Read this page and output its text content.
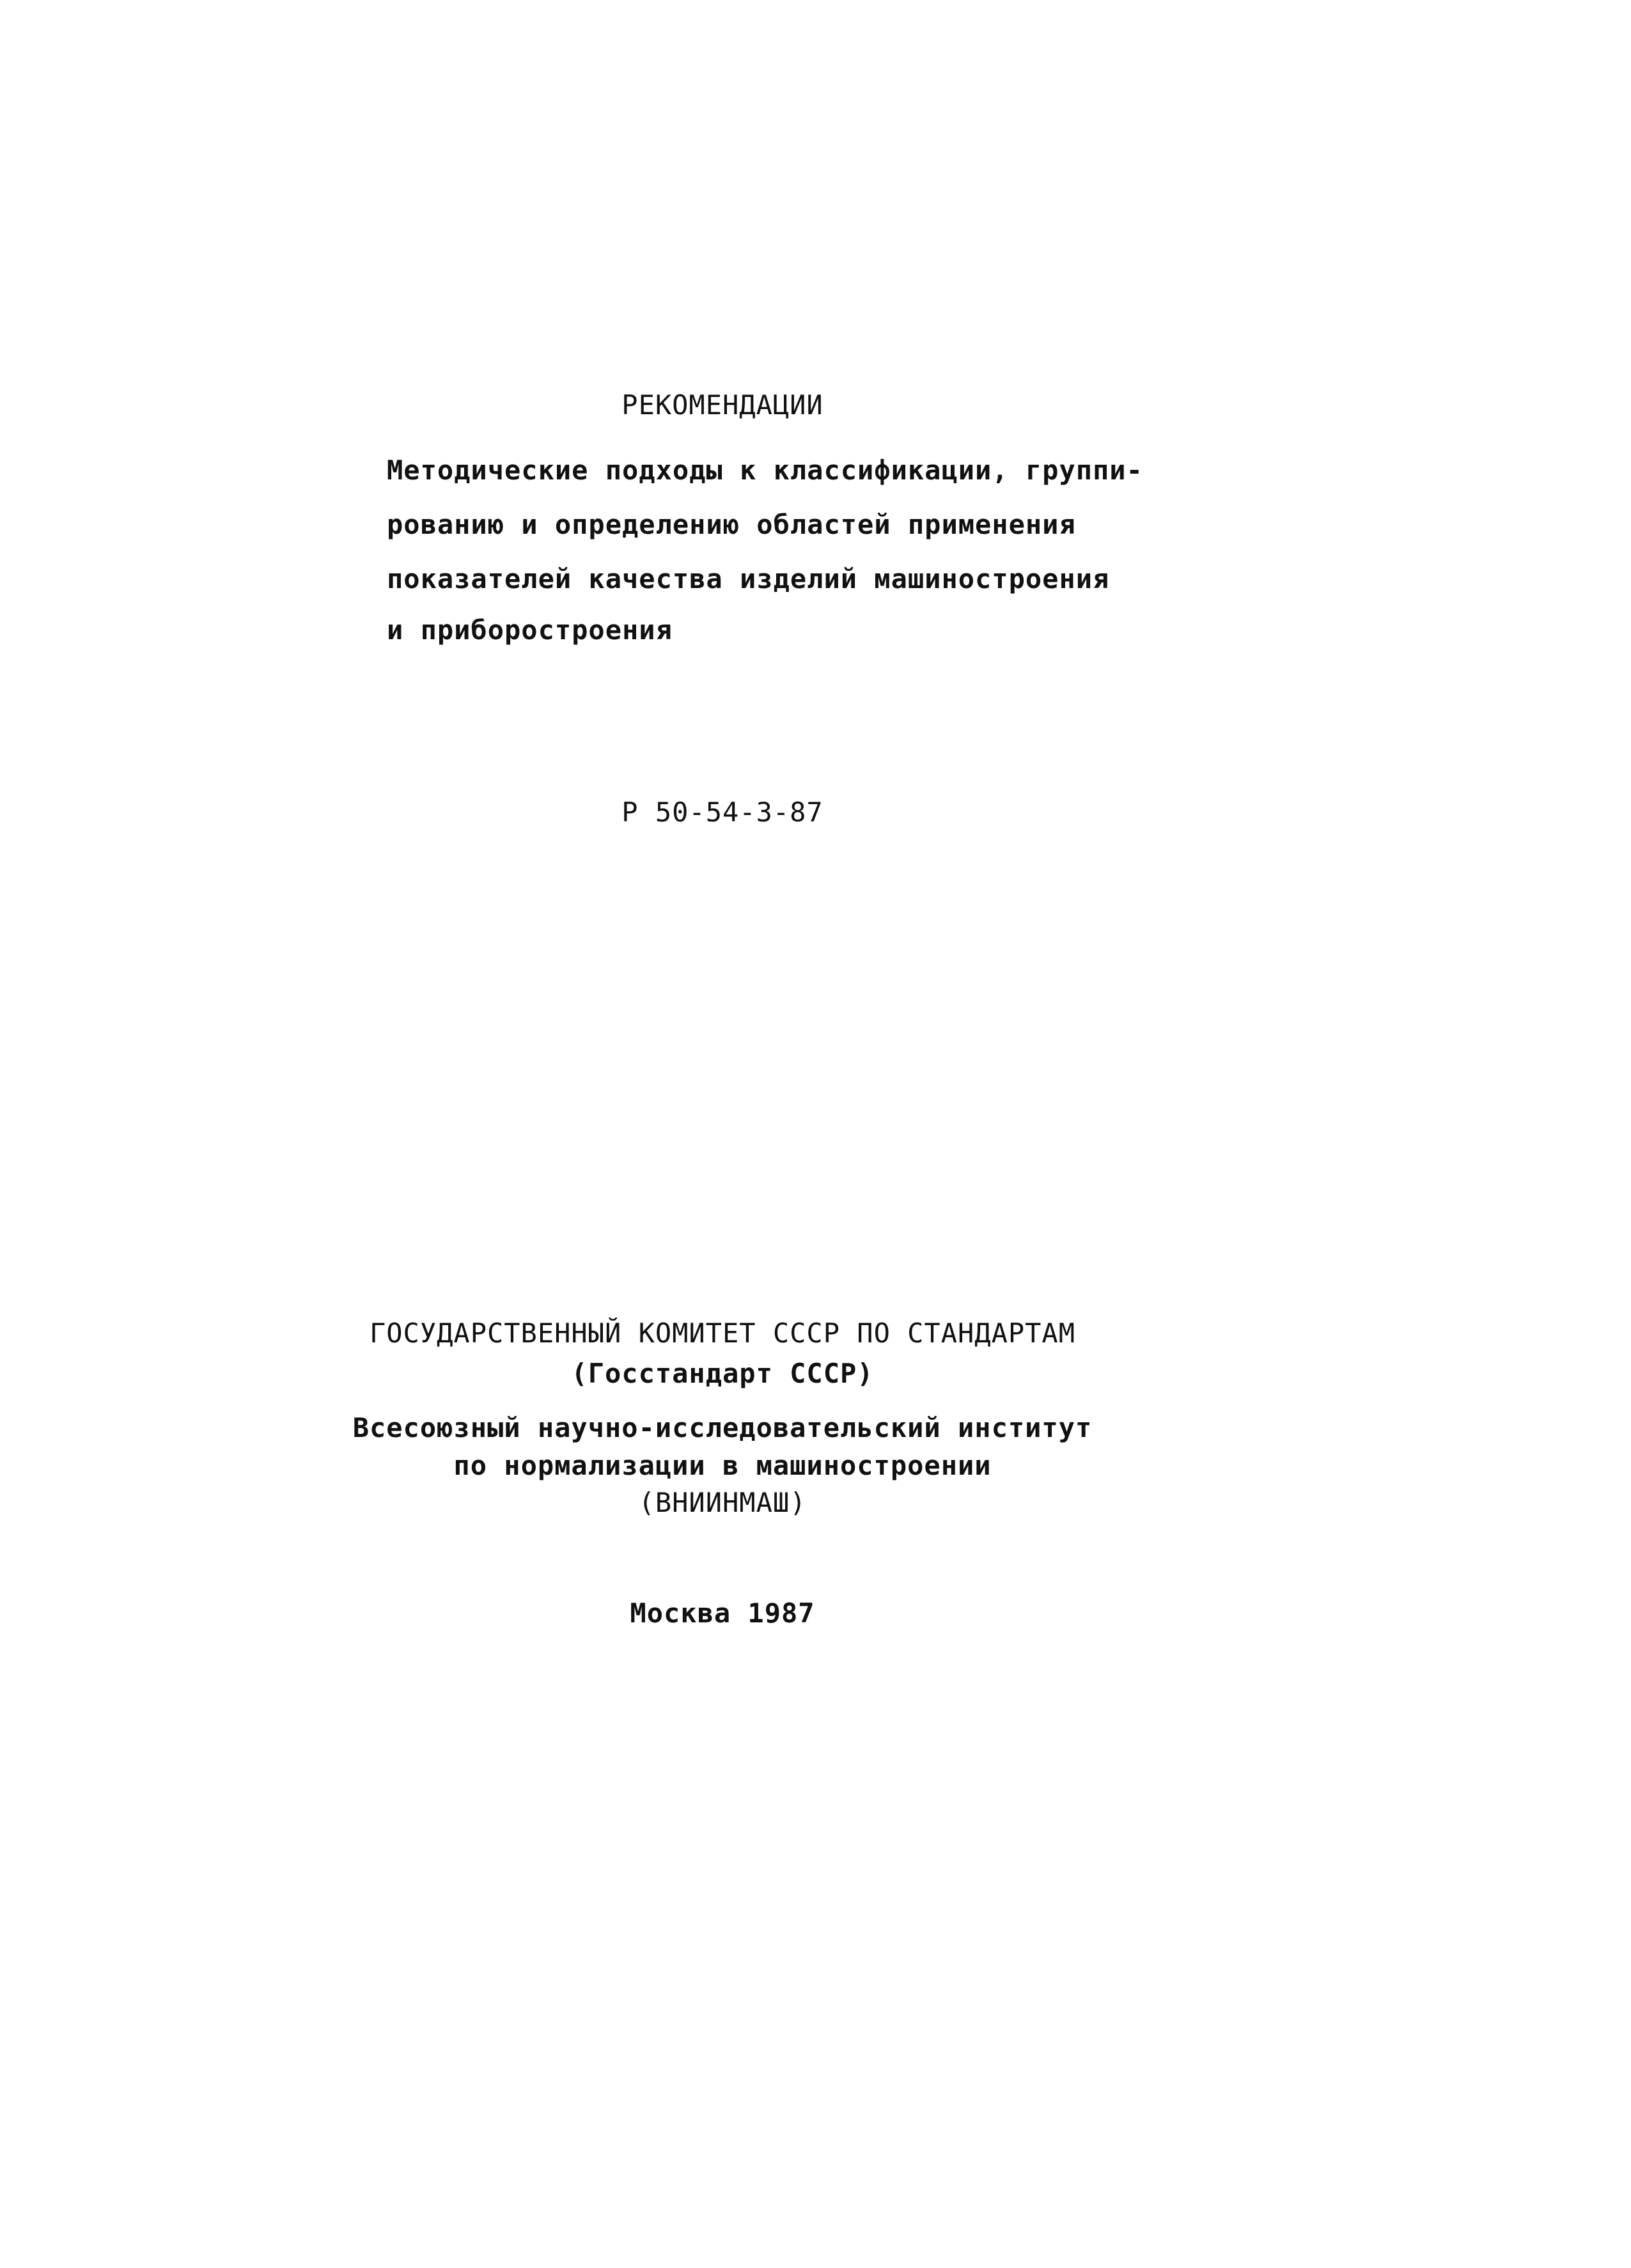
РЕКОМЕНДАЦИИ
Методические подходы к классификации, группи-
рованию и определению областей применения
показателей качества изделий машиностроения
и приборостроения
Р 50-54-3-87
ГОСУДАРСТВЕННЫЙ КОМИТЕТ СССР ПО СТАНДАРТАМ
(Госстандарт СССР)
Всесоюзный научно-исследовательский институт
по нормализации в машиностроении
(ВНИИНМАШ)
Москва 1987
